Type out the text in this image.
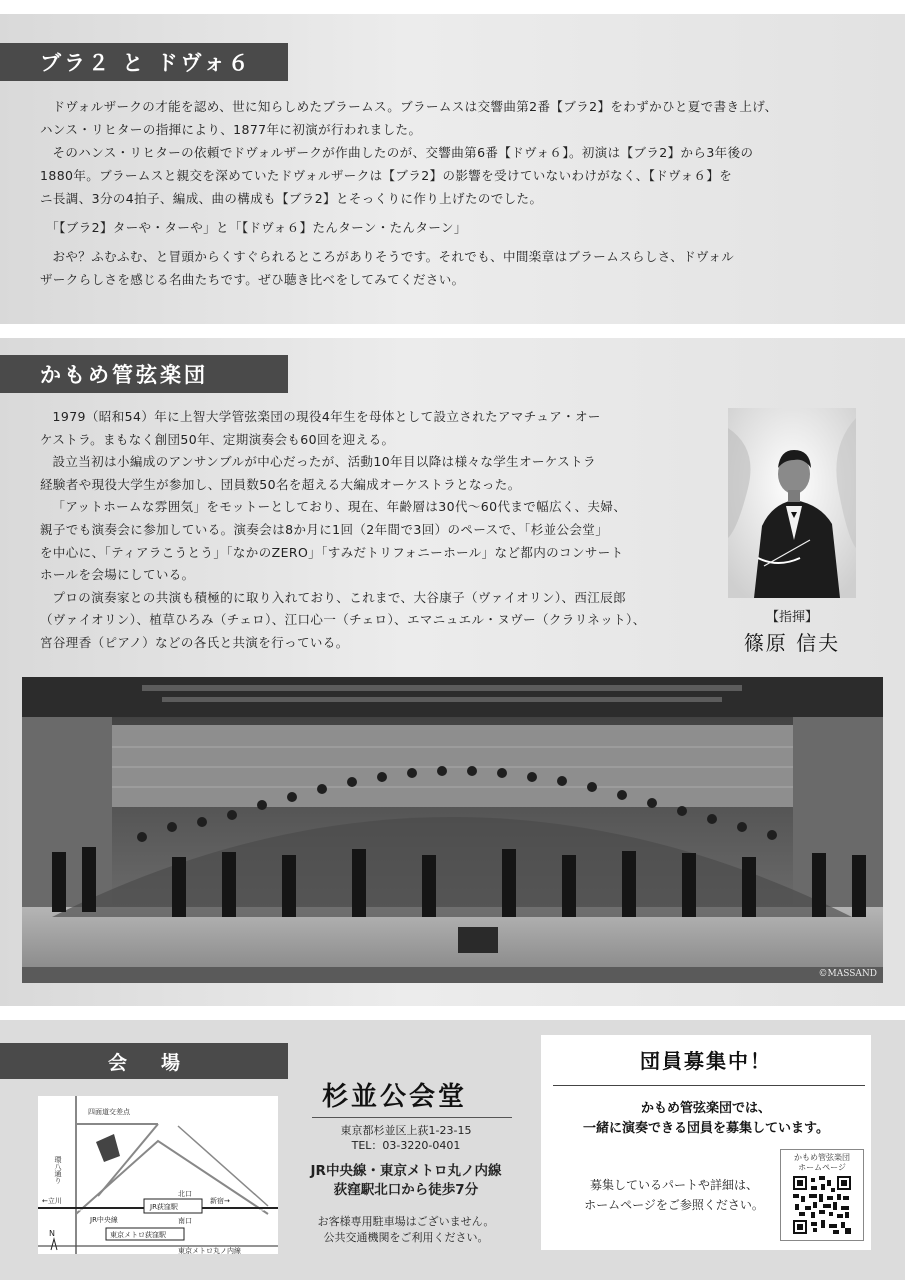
ブラ２ と ドヴォ６

ドヴォルザークの才能を認め、世に知らしめたブラームス。ブラームスは交響曲第2番【ブラ2】をわずかひと夏で書き上げ、

ハンス・リヒターの指揮により、1877年に初演が行われました。

そのハンス・リヒターの依頼でドヴォルザークが作曲したのが、交響曲第6番【ドヴォ６】。初演は【ブラ2】から3年後の

1880年。ブラームスと親交を深めていたドヴォルザークは【ブラ2】の影響を受けていないわけがなく、【ドヴォ６】を

ニ長調、3分の4拍子、編成、曲の構成も【ブラ2】とそっくりに作り上げたのでした。

「【ブラ2】ターや・ターや」と「【ドヴォ６】たんターン・たんターン」

おや？ふむふむ、と冒頭からくすぐられるところがありそうです。それでも、中間楽章はブラームスらしさ、ドヴォル

ザークらしさを感じる名曲たちです。ぜひ聴き比べをしてみてください。

かもめ管弦楽団

1979（昭和54）年に上智大学管弦楽団の現役4年生を母体として設立されたアマチュア・オー

ケストラ。まもなく創団50年、定期演奏会も60回を迎える。

設立当初は小編成のアンサンブルが中心だったが、活動10年目以降は様々な学生オーケストラ

経験者や現役大学生が参加し、団員数50名を超える大編成オーケストラとなった。

「アットホームな雰囲気」をモットーとしており、現在、年齢層は30代～60代まで幅広く、夫婦、

親子でも演奏会に参加している。演奏会は8か月に1回（2年間で3回）のペースで、「杉並公会堂」

を中心に、「ティアラこうとう」「なかのZERO」「すみだトリフォニーホール」など都内のコンサート

ホールを会場にしている。

プロの演奏家との共演も積極的に取り入れており、これまで、大谷康子（ヴァイオリン）、西江辰郎

（ヴァイオリン）、植草ひろみ（チェロ）、江口心一（チェロ）、エマニュエル・ヌヴー（クラリネット）、

宮谷理香（ピアノ）などの各氏と共演を行っている。

【指揮】
篠原 信夫
©MASSAND
会場
四面道交差点
環八通り
←立川
北口
新宿→
JR荻窪駅
JR中央線	南口
東京メトロ荻窪駅
東京メトロ丸ノ内線
N
杉並公会堂
東京都杉並区上荻1-23-15
TEL：03-3220-0401
JR中央線・東京メトロ丸ノ内線
荻窪駅北口から徒歩7分
お客様専用駐車場はございません。
公共交通機関をご利用ください。
団員募集中！
かもめ管弦楽団では、
一緒に演奏できる団員を募集しています。
募集しているパートや詳細は、
ホームページをご参照ください。
かもめ管弦楽団
ホームページ
